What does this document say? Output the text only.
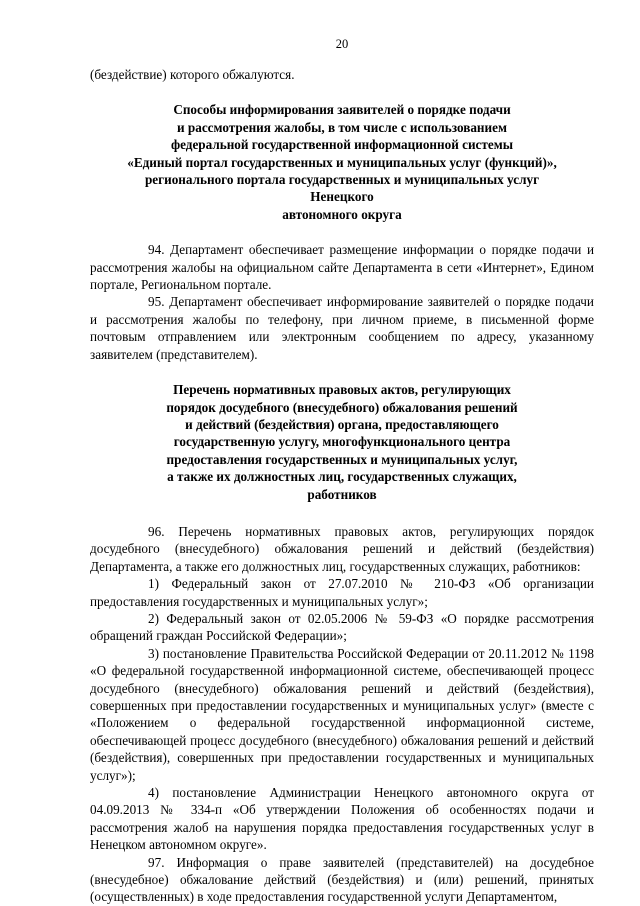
20

(бездействие) которого обжалуются.

Способы информирования заявителей о порядке подачи
и рассмотрения жалобы, в том числе с использованием
федеральной государственной информационной системы
«Единый портал государственных и муниципальных услуг (функций)»,
регионального портала государственных и муниципальных услуг Ненецкого
автономного округа

94. Департамент обеспечивает размещение информации о порядке подачи и рассмотрения жалобы на официальном сайте Департамента в сети «Интернет», Едином портале, Региональном портале.

95. Департамент обеспечивает информирование заявителей о порядке подачи и рассмотрения жалобы по телефону, при личном приеме, в письменной форме почтовым отправлением или электронным сообщением по адресу, указанному заявителем (представителем).

Перечень нормативных правовых актов, регулирующих
порядок досудебного (внесудебного) обжалования решений
и действий (бездействия) органа, предоставляющего
государственную услугу, многофункционального центра
предоставления государственных и муниципальных услуг,
а также их должностных лиц, государственных служащих,
работников

96. Перечень нормативных правовых актов, регулирующих порядок досудебного (внесудебного) обжалования решений и действий (бездействия) Департамента, а также его должностных лиц, государственных служащих, работников:

1) Федеральный закон от 27.07.2010 № 210-ФЗ «Об организации предоставления государственных и муниципальных услуг»;

2) Федеральный закон от 02.05.2006 № 59-ФЗ «О порядке рассмотрения обращений граждан Российской Федерации»;

3) постановление Правительства Российской Федерации от 20.11.2012 № 1198 «О федеральной государственной информационной системе, обеспечивающей процесс досудебного (внесудебного) обжалования решений и действий (бездействия), совершенных при предоставлении государственных и муниципальных услуг» (вместе с «Положением о федеральной государственной информационной системе, обеспечивающей процесс досудебного (внесудебного) обжалования решений и действий (бездействия), совершенных при предоставлении государственных и муниципальных услуг»);

4) постановление Администрации Ненецкого автономного округа от 04.09.2013 № 334-п «Об утверждении Положения об особенностях подачи и рассмотрения жалоб на нарушения порядка предоставления государственных услуг в Ненецком автономном округе».

97. Информация о праве заявителей (представителей) на досудебное (внесудебное) обжалование действий (бездействия) и (или) решений, принятых (осуществленных) в ходе предоставления государственной услуги Департаментом,
